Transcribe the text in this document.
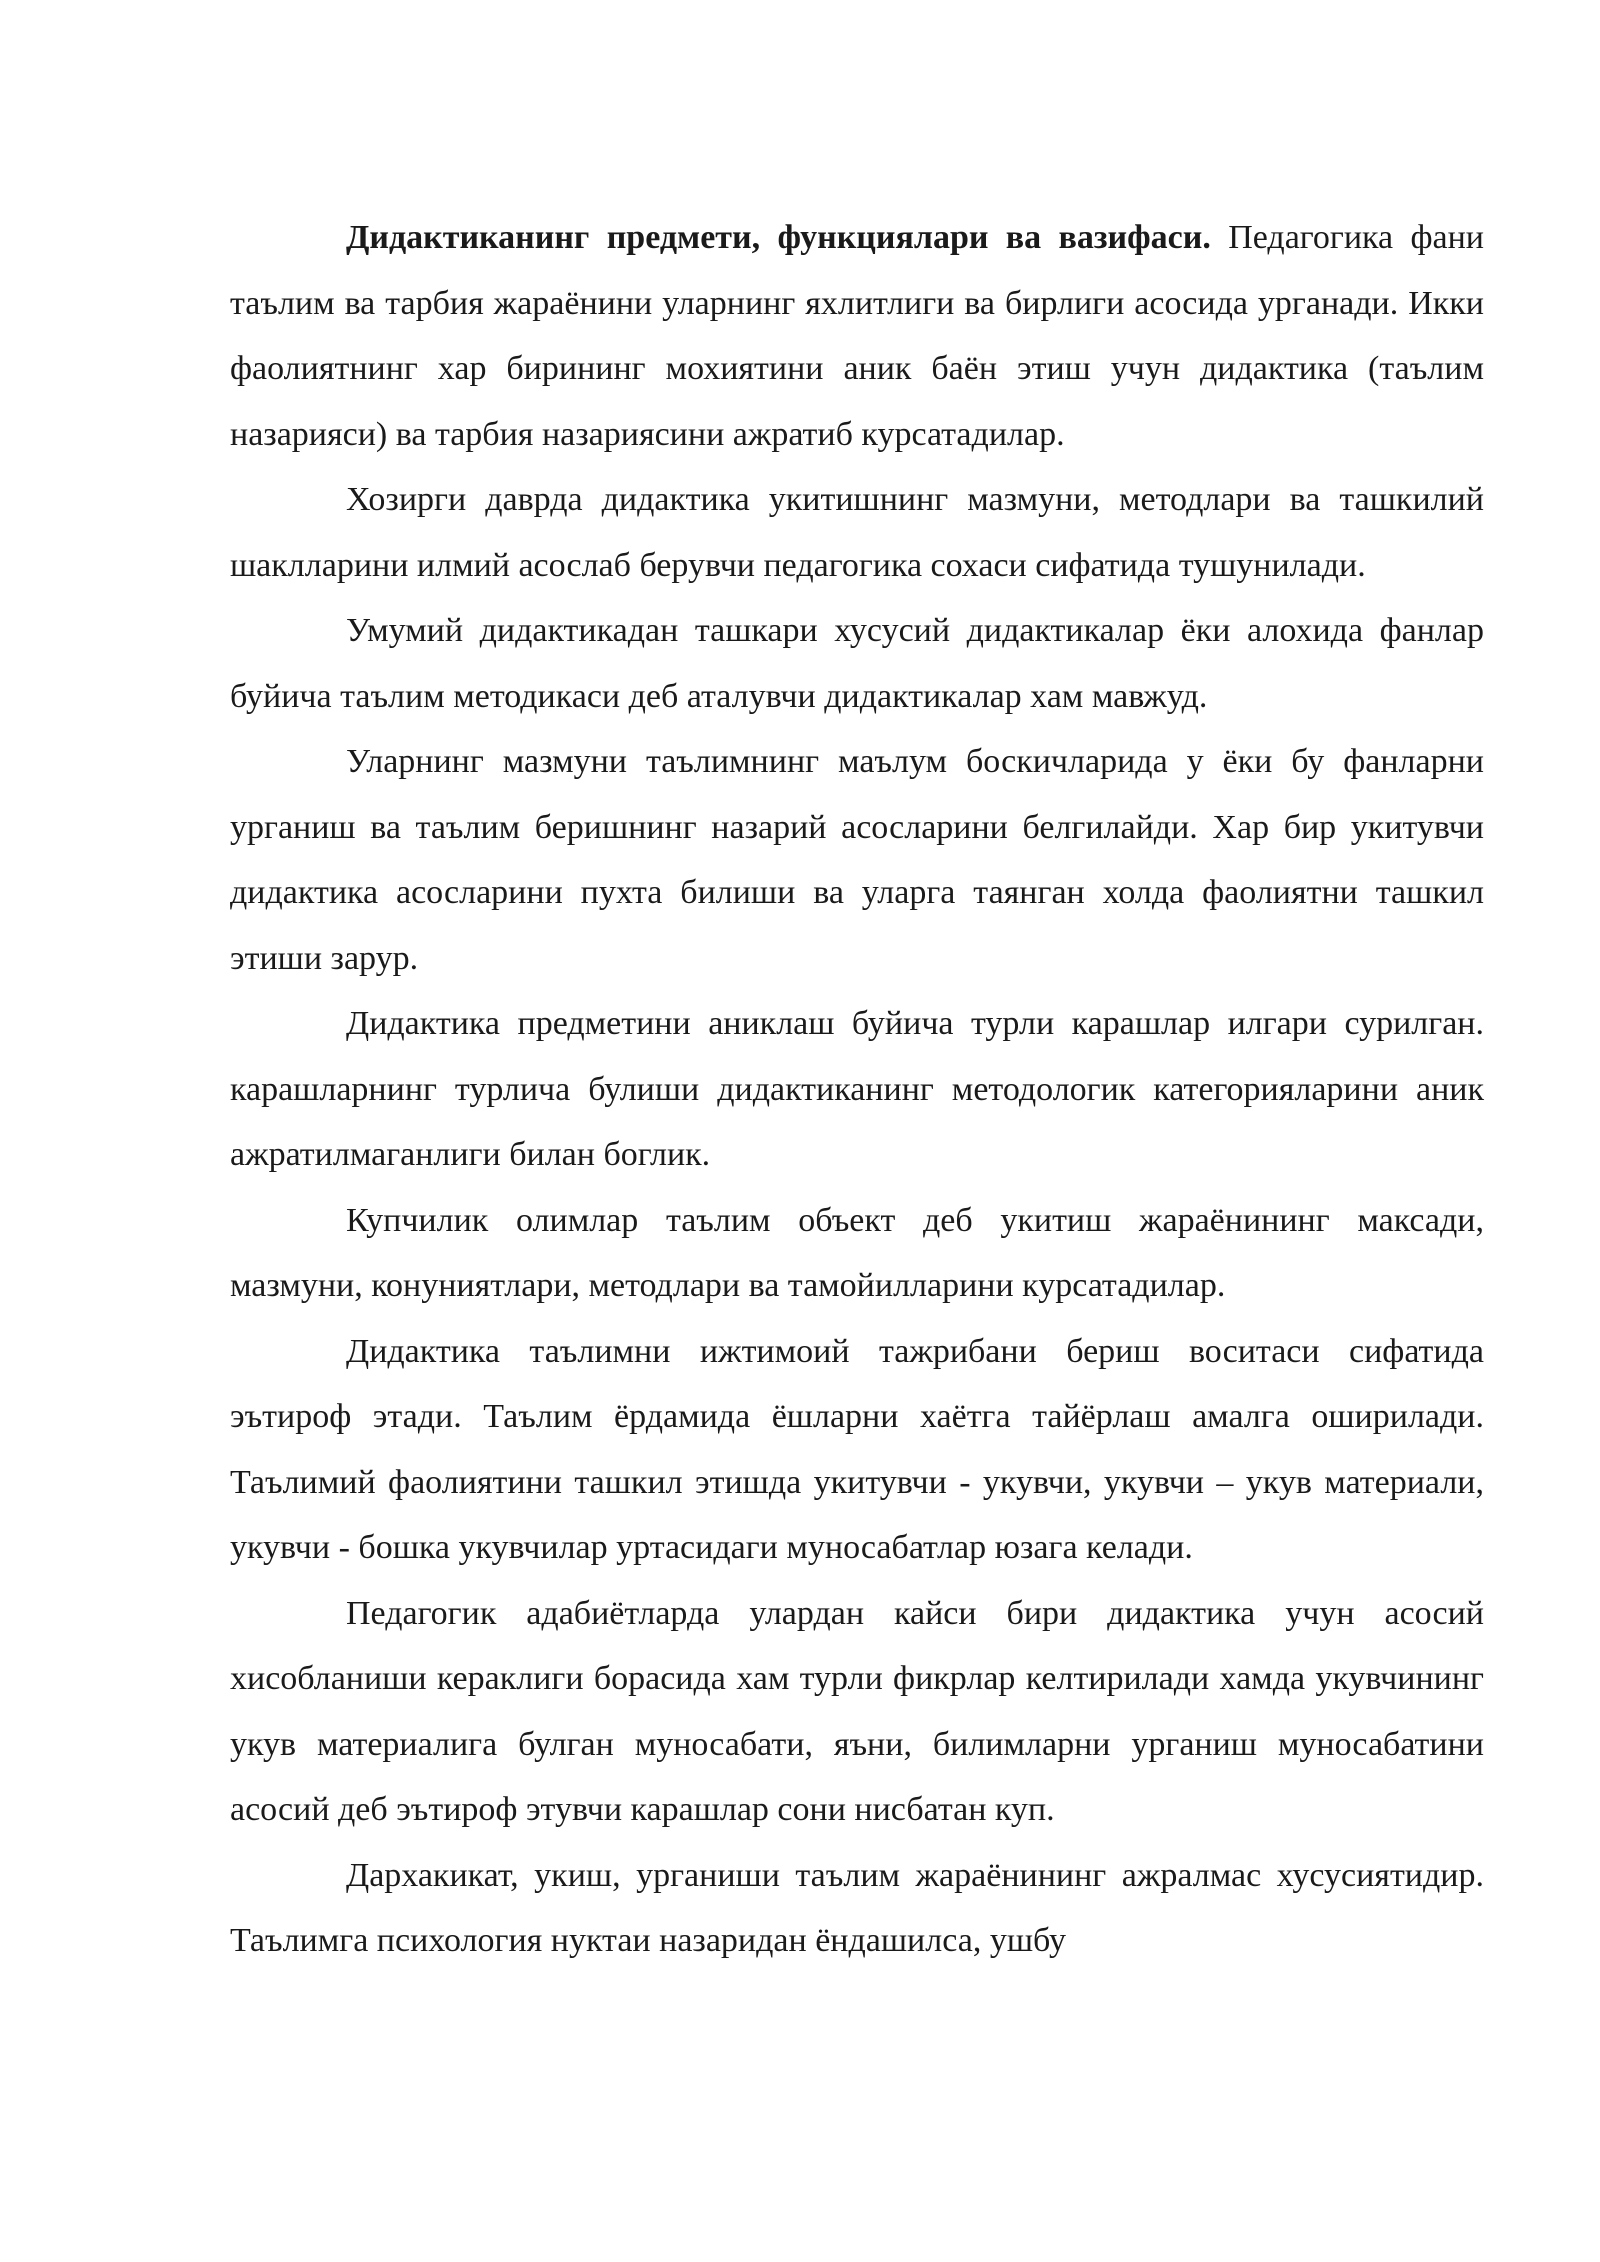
Дидактиканинг предмети, функциялари ва вазифаси. Педагогика фани таълим ва тарбия жараёнини уларнинг яхлитлиги ва бирлиги асосида урганади. Икки фаолиятнинг хар бирининг мохиятини аник баён этиш учун дидактика (таълим назарияси) ва тарбия назариясини ажратиб курсатадилар.

Хозирги даврда дидактика укитишнинг мазмуни, методлари ва ташкилий шаклларини илмий асослаб берувчи педагогика сохаси сифатида тушунилади.

Умумий дидактикадан ташкари хусусий дидактикалар ёки алохида фанлар буйича таълим методикаси деб аталувчи дидактикалар хам мавжуд.

Уларнинг мазмуни таълимнинг маълум боскичларида у ёки бу фанларни урганиш ва таълим беришнинг назарий асосларини белгилайди. Хар бир укитувчи дидактика асосларини пухта билиши ва уларга таянган холда фаолиятни ташкил этиши зарур.

Дидактика предметини аниклаш буйича турли карашлар илгари сурилган. карашларнинг турлича булиши дидактиканинг методологик категорияларини аник ажратилмаганлиги билан боглик.

Купчилик олимлар таълим объект деб укитиш жараёнининг максади, мазмуни, конуниятлари, методлари ва тамойилларини курсатадилар.

Дидактика таълимни ижтимоий тажрибани бериш воситаси сифатида эътироф этади. Таълим ёрдамида ёшларни хаётга тайёрлаш амалга оширилади. Таълимий фаолиятини ташкил этишда укитувчи - укувчи, укувчи – укув материали, укувчи - бошка укувчилар уртасидаги муносабатлар юзага келади.

Педагогик адабиётларда улардан кайси бири дидактика учун асосий хисобланиши кераклиги борасида хам турли фикрлар келтирилади хамда укувчининг укув материалига булган муносабати, яъни, билимларни урганиш муносабатини асосий деб эътироф этувчи карашлар сони нисбатан куп.

Дархакикат, укиш, урганиши таълим жараёнининг ажралмас хусусиятидир. Таълимга психология нуктаи назаридан ёндашилса, ушбу
